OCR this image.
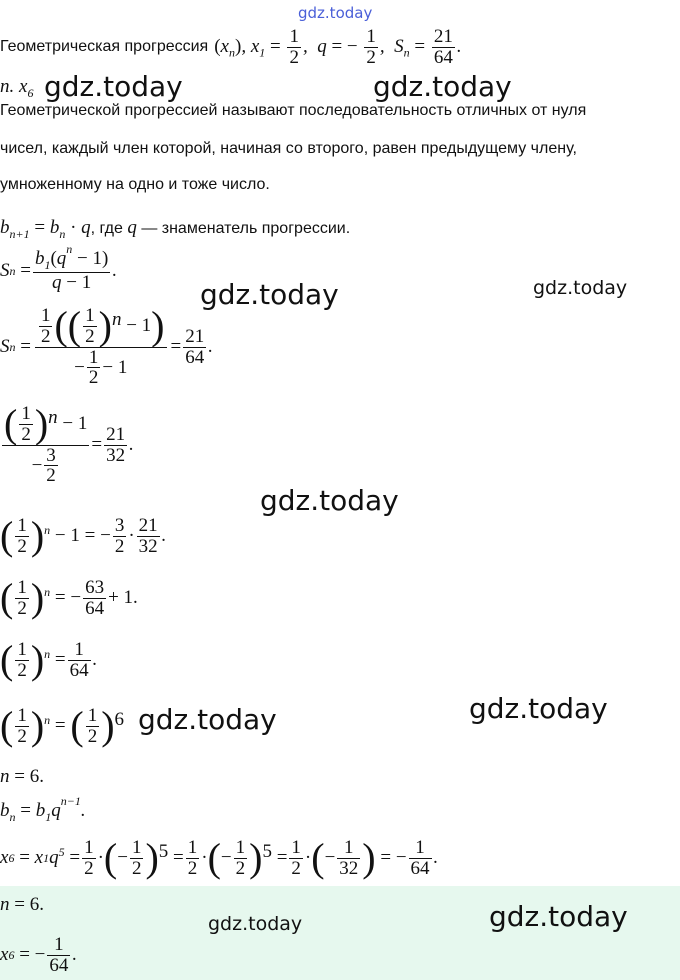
gdz.today
Геометрическая прогрессия $(x_n)$, $x_1 = \frac{1}{2}$ ,  q = − $\frac{1}{2}$ ,  $S_n = \frac{21}{64}$ .
n. $x_6$ gdz.today	gdz.today
Геометрической прогрессией называют последовательность отличных от нуля
чисел, каждый член которой, начиная со второго, равен предыдущему члену,
умноженному на одно и тоже число.
$b_{n+1} = b_n \cdot q$, где q — знаменатель прогрессии.
S n
= $\frac{b_1(q^n - 1)}{q - 1}$ .
gdz.today	gdz.today
S n
= $\frac{\frac{1}{2} ( ( \frac{1}{2} )^n - 1 )}{- \frac{1}{2} - 1} = \frac{21}{64}$ .
$\frac{( \frac{1}{2} )^n - 1}{- \frac{3}{2}} = \frac{21}{32}$ .
gdz.today
( $\frac{1}{2} )^n - 1$ = − $\frac{3}{2} \cdot \frac{21}{32}$ .
( $\frac{1}{2} )^n$ = − $\frac{63}{64} + 1$.
( $\frac{1}{2} )^n = \frac{1}{64}$ .
( $\frac{1}{2} )^n$ = ( $\frac{1}{2} )^6$ gdz.today	gdz.today
n = 6.
$b_n = b_1q^{n-1}$.
x 6
= x 1 $q^5$
= $\frac{1}{2}$ · ( − $\frac{1}{2} )^5 = \frac{1}{2}$ · ( − $\frac{1}{2} )^5 = \frac{1}{2}$ · ( − $\frac{1}{32}$ ) = − $\frac{1}{64}$ .
n = 6.
x 6
= − $\frac{1}{64}$ .
gdz.today	gdz.today
